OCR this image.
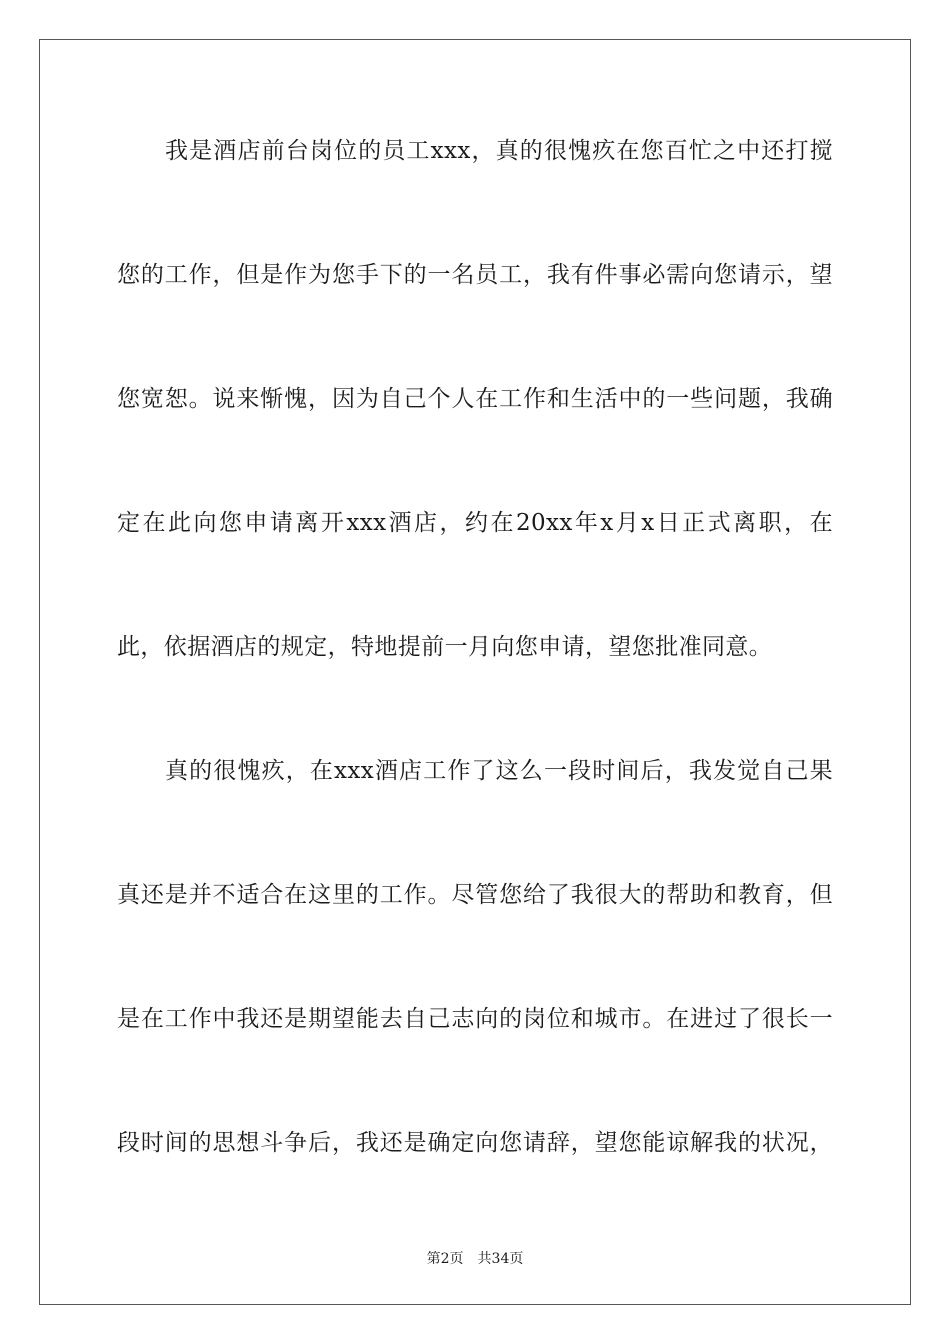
我是酒店前台岗位的员工xxx，真的很愧疚在您百忙之中还打搅
您的工作，但是作为您手下的一名员工，我有件事必需向您请示，望
您宽恕。说来惭愧，因为自己个人在工作和生活中的一些问题，我确
定在此向您申请离开xxx酒店，约在20xx年x月x日正式离职，在
此，依据酒店的规定，特地提前一月向您申请，望您批准同意。
真的很愧疚，在xxx酒店工作了这么一段时间后，我发觉自己果
真还是并不适合在这里的工作。尽管您给了我很大的帮助和教育，但
是在工作中我还是期望能去自己志向的岗位和城市。在进过了很长一
段时间的思想斗争后，我还是确定向您请辞，望您能谅解我的状况，
第2页 共34页
